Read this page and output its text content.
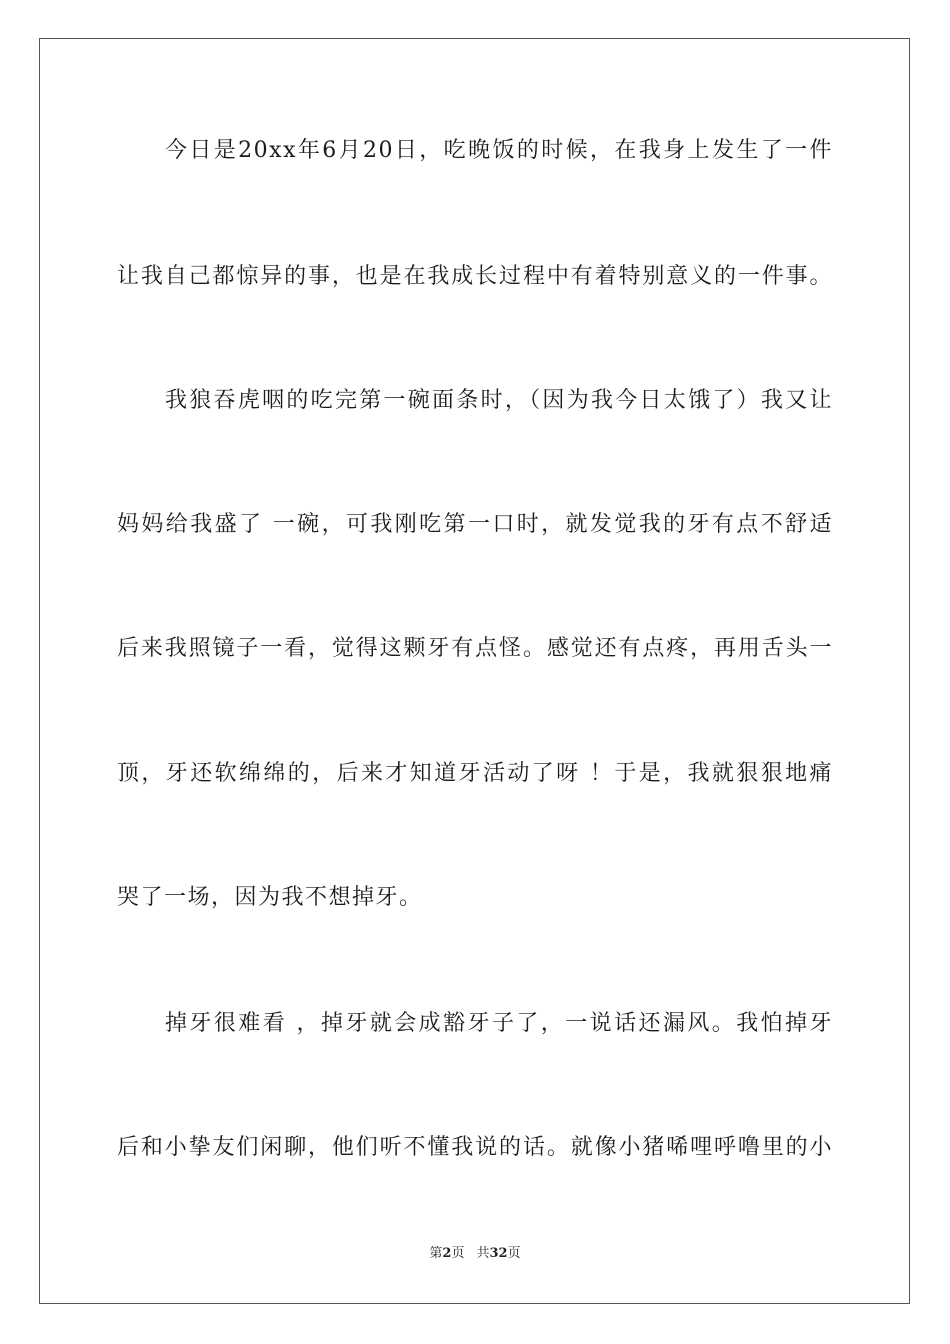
今日是20xx年6月20日，吃晚饭的时候，在我身上发生了一件
让我自己都惊异的事，也是在我成长过程中有着特别意义的一件事。
我狼吞虎咽的吃完第一碗面条时，（因为我今日太饿了）我又让
妈妈给我盛了 一碗，可我刚吃第一口时，就发觉我的牙有点不舒适
后来我照镜子一看，觉得这颗牙有点怪。感觉还有点疼，再用舌头一
顶，牙还软绵绵的，后来才知道牙活动了呀 ！于是，我就狠狠地痛
哭了一场，因为我不想掉牙。
掉牙很难看 ，掉牙就会成豁牙子了，一说话还漏风。我怕掉牙
后和小挚友们闲聊，他们听不懂我说的话。就像小猪唏哩呼噜里的小
第2页 共32页
